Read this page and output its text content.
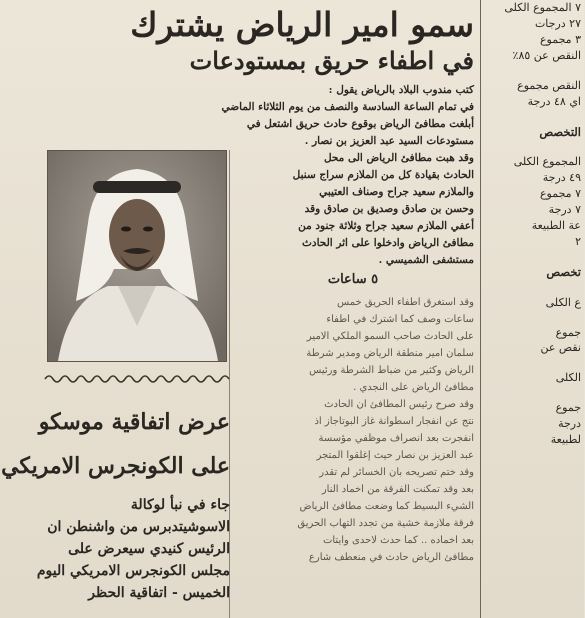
٧ المجموع الكلى
٢٧ درجات
٣ مجموع
النقص عن ٨٥٪
النقص مجموع
اي ٤٨ درجة
التخصص
المجموع الكلى
٤٩ درجة
٧ مجموع
٧ درجة
عة الطبيعة
٢
تخصص
ع الكلى
جموع
نقص عن
الكلى
جموع
درجة
لطبيعة
سمو امير الرياض يشترك
في اطفاء حريق بمستودعات

كتب مندوب البلاد بالرياض يقول :

في تمام الساعة السادسة والنصف من يوم الثلاثاء الماضي

أبلغت مطافئ الرياض بوقوع حادث حريق اشتعل في

مستودعات السيد عبد العزيز بن نصار .

وقد هبت مطافئ الرياض الى محل

الحادث بقيادة كل من الملازم سراج سنبل

والملازم سعيد جراح وصناف العتيبي

وحسن بن صادق وصديق بن صادق وقد

أعفي الملازم سعيد جراح وثلاثة جنود من

مطافئ الرياض وادخلوا على اثر الحادث

مستشفى الشميسي .

٥ ساعات

وقد استغرق اطفاء الحريق خمس

ساعات وصف كما اشترك في اطفاء

على الحادث صاحب السمو الملكي الامير

سلمان امير منطقة الرياض ومدير شرطة

الرياض وكثير من ضباط الشرطة ورئيس

مطافئ الرياض على النجدي .

وقد صرح رئيس المطافئ ان الحادث

نتج عن انفجار اسطوانة غاز البوتاجاز اذ

انفجرت بعد انصراف موظفي مؤسسة

عبد العزيز بن نصار حيث إغلقوا المتجر

وقد ختم تصريحه بان الخسائر لم تقدر

بعد وقد تمكنت الفرقة من اخماد النار

الشيء البسيط كما وضعت مطافئ الرياض

فرقة ملازمة خشية من تجدد التهاب الحريق

بعد اخماده .. كما حدث لاحدى وايتات

مطافئ الرياض حادث في منعطف شارع

عرض اتفاقية موسكو
على الكونجرس الامريكي

جاء في نبأ لوكالة

الاسوشيتدبرس من واشنطن ان

الرئيس كنيدي سيعرض على

مجلس الكونجرس الامريكي اليوم

الخميس - اتفاقية الحظر
